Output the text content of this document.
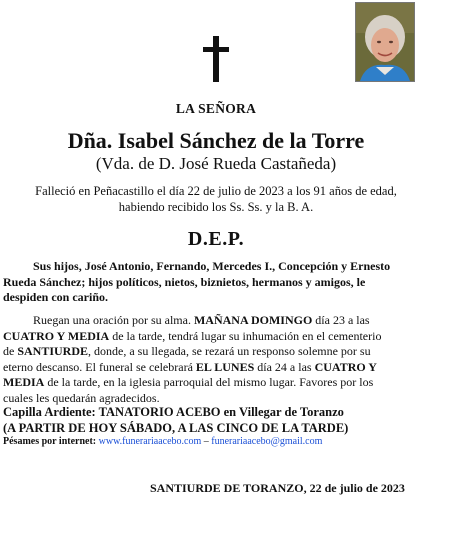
LA SEÑORA
Dña. Isabel Sánchez de la Torre
(Vda. de D. José Rueda Castañeda)
Falleció en Peñacastillo el día 22 de julio de 2023 a los 91 años de edad,
habiendo recibido los Ss. Ss. y la B. A.
D.E.P.
Sus hijos, José Antonio, Fernando, Mercedes I., Concepción y Ernesto
Rueda Sánchez; hijos políticos, nietos, biznietos, hermanos y amigos, le
despiden con cariño.
Ruegan una oración por su alma. MAÑANA DOMINGO día 23 a las
CUATRO Y MEDIA de la tarde, tendrá lugar su inhumación en el cementerio
de SANTIURDE, donde, a su llegada, se rezará un responso solemne por su
eterno descanso. El funeral se celebrará EL LUNES día 24 a las CUATRO Y
MEDIA de la tarde, en la iglesia parroquial del mismo lugar. Favores por los
cuales les quedarán agradecidos.
Capilla Ardiente: TANATORIO ACEBO en Villegar de Toranzo
(A PARTIR DE HOY SÁBADO, A LAS CINCO DE LA TARDE)
Pésames por internet: www.funerariaacebo.com – funerariaacebo@gmail.com
SANTIURDE DE TORANZO, 22 de julio de 2023
